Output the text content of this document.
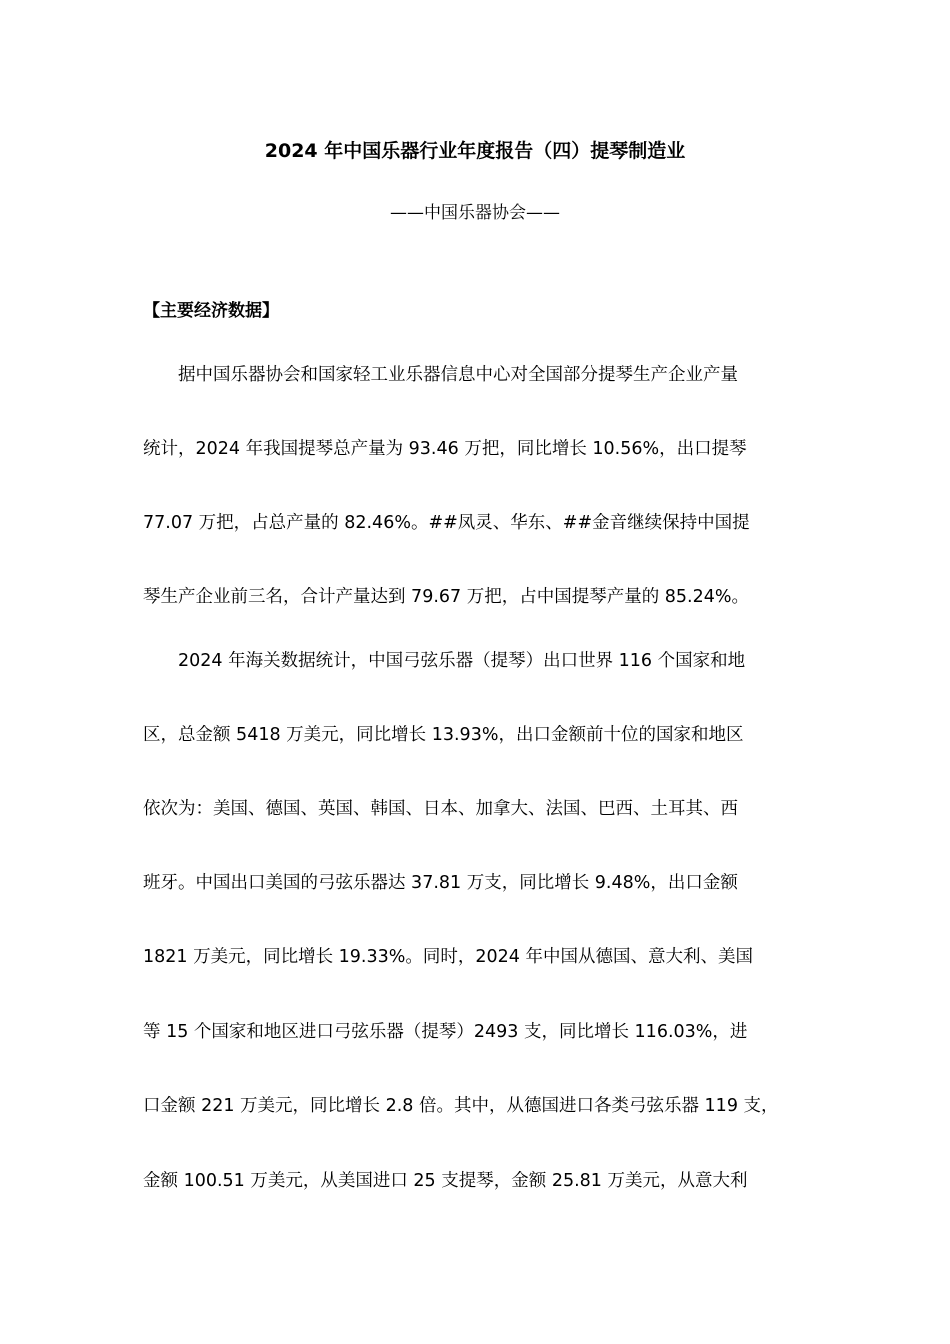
2024 年中国乐器行业年度报告（四）提琴制造业
——中国乐器协会——
【主要经济数据】
　　据中国乐器协会和国家轻工业乐器信息中心对全国部分提琴生产企业产量
统计，2024 年我国提琴总产量为 93.46 万把，同比增长 10.56%，出口提琴
77.07 万把，占总产量的 82.46%。##凤灵、华东、##金音继续保持中国提
琴生产企业前三名，合计产量达到 79.67 万把，占中国提琴产量的 85.24%。
　　2024 年海关数据统计，中国弓弦乐器（提琴）出口世界 116 个国家和地
区，总金额 5418 万美元，同比增长 13.93%，出口金额前十位的国家和地区
依次为：美国、德国、英国、韩国、日本、加拿大、法国、巴西、土耳其、西
班牙。中国出口美国的弓弦乐器达 37.81 万支，同比增长 9.48%，出口金额
1821 万美元，同比增长 19.33%。同时，2024 年中国从德国、意大利、美国
等 15 个国家和地区进口弓弦乐器（提琴）2493 支，同比增长 116.03%，进
口金额 221 万美元，同比增长 2.8 倍。其中，从德国进口各类弓弦乐器 119 支，
金额 100.51 万美元，从美国进口 25 支提琴，金额 25.81 万美元，从意大利
